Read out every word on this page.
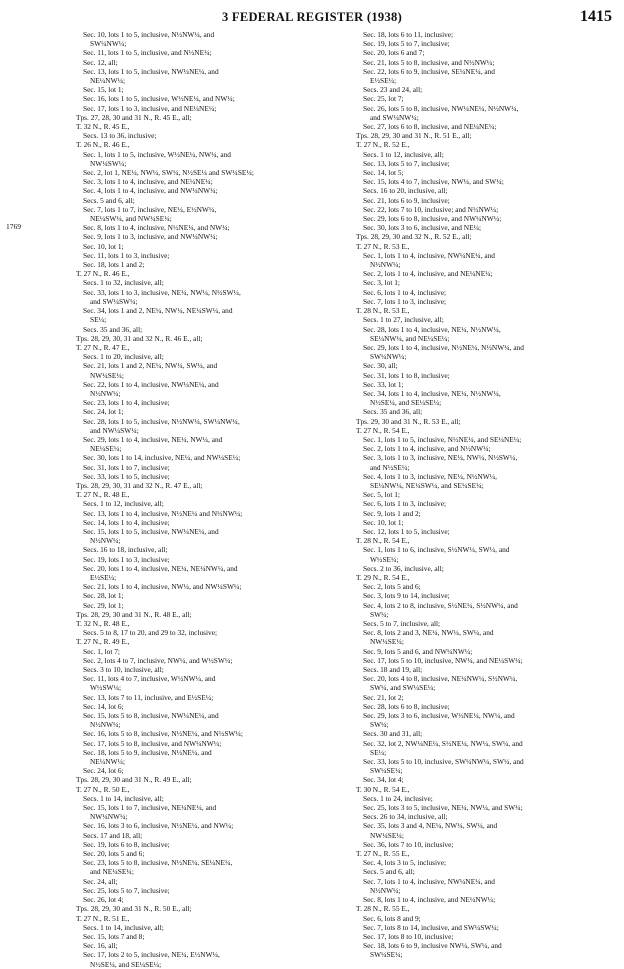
3 FEDERAL REGISTER (1938)	1415
1769
Sec. 10, lots 1 to 5, inclusive, N½NW¼, and
SW¼NW¼;
Sec. 11, lots 1 to 5, inclusive, and N½NE¼;
Sec. 12, all;
Sec. 13, lots 1 to 5, inclusive, NW¼NE¼, and
NE¼NW¼;
Sec. 15, lot 1;
Sec. 16, lots 1 to 5, inclusive, W½NE¼, and NW¼;
Sec. 17, lots 1 to 3, inclusive, and NE¼NE¼;
Tps. 27, 28, 30 and 31 N., R. 45 E., all;
T. 32 N., R. 45 E.,
Secs. 13 to 36, inclusive;
T. 26 N., R. 46 E.,
Sec. 1, lots 1 to 5, inclusive, W½NE¼, NW¼, and
NW¼SW¼;
Sec. 2, lot 1, NE¼, NW¼, SW¼, N½SE¼ and SW¼SE¼;
Sec. 3, lots 1 to 4, inclusive, and NE¼NE¼;
Sec. 4, lots 1 to 4, inclusive, and NW¼NW¼;
Secs. 5 and 6, all;
Sec. 7, lots 1 to 7, inclusive, NE¼, E½NW¼,
NE¼SW¼, and NW¼SE¼;
Sec. 8, lots 1 to 4, inclusive, N½NE¼, and NW¼;
Sec. 9, lots 1 to 3, inclusive, and NW¼NW¼;
Sec. 10, lot 1;
Sec. 11, lots 1 to 3, inclusive;
Sec. 18, lots 1 and 2;
T. 27 N., R. 46 E.,
Secs. 1 to 32, inclusive, all;
Sec. 33, lots 1 to 3, inclusive, NE¼, NW¼, N½SW¼,
and SW¼SW¼;
Sec. 34, lots 1 and 2, NE¼, NW¼, NE¼SW¼, and
SE¼;
Secs. 35 and 36, all;
Tps. 28, 29, 30, 31 and 32 N., R. 46 E., all;
T. 27 N., R. 47 E.,
Secs. 1 to 20, inclusive, all;
Sec. 21, lots 1 and 2, NE¼, NW¼, SW¼, and
NW¼SE¼;
Sec. 22, lots 1 to 4, inclusive, NW¼NE¼, and
N½NW¼;
Sec. 23, lots 1 to 4, inclusive;
Sec. 24, lot 1;
Sec. 28, lots 1 to 5, inclusive, N½NW¼, SW¼NW¼,
and NW¼SW¼;
Sec. 29, lots 1 to 4, inclusive, NE¼, NW¼, and
NE¼SE¼;
Sec. 30, lots 1 to 14, inclusive, NE¼, and NW¼SE¼;
Sec. 31, lots 1 to 7, inclusive;
Sec. 33, lots 1 to 5, inclusive;
Tps. 28, 29, 30, 31 and 32 N., R. 47 E., all;
T. 27 N., R. 48 E.,
Secs. 1 to 12, inclusive, all;
Sec. 13, lots 1 to 4, inclusive, N½NE¼ and N½NW¼;
Sec. 14, lots 1 to 4, inclusive;
Sec. 15, lots 1 to 5, inclusive, NW¼NE¼, and
N½NW¼;
Secs. 16 to 18, inclusive, all;
Sec. 19, lots 1 to 3, inclusive;
Sec. 20, lots 1 to 4, inclusive, NE¼, NE¼NW¼, and
E½SE¼;
Sec. 21, lots 1 to 4, inclusive, NW¼, and NW¼SW¼;
Sec. 28, lot 1;
Sec. 29, lot 1;
Tps. 28, 29, 30 and 31 N., R. 48 E., all;
T. 32 N., R. 48 E.,
Secs. 5 to 8, 17 to 20, and 29 to 32, inclusive;
T. 27 N., R. 49 E.,
Sec. 1, lot 7;
Sec. 2, lots 4 to 7, inclusive, NW¼, and W½SW¼;
Secs. 3 to 10, inclusive, all;
Sec. 11, lots 4 to 7, inclusive, W½NW¼, and
W½SW¼;
Sec. 13, lots 7 to 11, inclusive, and E½SE¼;
Sec. 14, lot 6;
Sec. 15, lots 5 to 8, inclusive, NW¼NE¼, and
N½NW¼;
Sec. 16, lots 5 to 8, inclusive, N½NE¼, and N½SW¼;
Sec. 17, lots 5 to 8, inclusive, and NW¼NW¼;
Sec. 18, lots 5 to 9, inclusive, N½NE¼, and
NE¼NW¼;
Sec. 24, lot 6;
Tps. 28, 29, 30 and 31 N., R. 49 E., all;
T. 27 N., R. 50 E.,
Secs. 1 to 14, inclusive, all;
Sec. 15, lots 1 to 7, inclusive, NE¼NE¼, and
NW¼NW¼;
Sec. 16, lots 3 to 6, inclusive, N½NE¼, and NW¼;
Secs. 17 and 18, all;
Sec. 19, lots 6 to 8, inclusive;
Sec. 20, lots 5 and 6;
Sec. 23, lots 5 to 8, inclusive, N½NE¼, SE¼NE¼,
and NE¼SE¼;
Sec. 24, all;
Sec. 25, lots 5 to 7, inclusive;
Sec. 26, lot 4;
Tps. 28, 29, 30 and 31 N., R. 50 E., all;
T. 27 N., R. 51 E.,
Secs. 1 to 14, inclusive, all;
Sec. 15, lots 7 and 8;
Sec. 16, all;
Sec. 17, lots 2 to 5, inclusive, NE¼, E½NW¼,
N½SE¼, and SE¼SE¼;
Sec. 18, lots 6 to 11, inclusive;
Sec. 19, lots 5 to 7, inclusive;
Sec. 20, lots 6 and 7;
Sec. 21, lots 5 to 8, inclusive, and N½NW¼;
Sec. 22, lots 6 to 9, inclusive, SE¼NE¼, and
E½SE¼;
Secs. 23 and 24, all;
Sec. 25, lot 7;
Sec. 26, lots 5 to 8, inclusive, NW¼NE¼, N½NW¼,
and SW¼NW¼;
Sec. 27, lots 6 to 8, inclusive, and NE¼NE¼;
Tps. 28, 29, 30 and 31 N., R. 51 E., all;
T. 27 N., R. 52 E.,
Secs. 1 to 12, inclusive, all;
Sec. 13, lots 5 to 7, inclusive;
Sec. 14, lot 5;
Sec. 15, lots 4 to 7, inclusive, NW¼, and SW¼;
Secs. 16 to 20, inclusive, all;
Sec. 21, lots 6 to 9, inclusive;
Sec. 22, lots 7 to 10, inclusive; and N½NW¼;
Sec. 29, lots 6 to 8, inclusive, and NW¼NW¼;
Sec. 30, lots 3 to 6, inclusive, and NE¼;
Tps. 28, 29, 30 and 32 N., R. 52 E., all;
T. 27 N., R. 53 E.,
Sec. 1, lots 1 to 4, inclusive, NW¼NE¼, and
N½NW¼;
Sec. 2, lots 1 to 4, inclusive, and NE¼NE¼;
Sec. 3, lot 1;
Sec. 6, lots 1 to 4, inclusive;
Sec. 7, lots 1 to 3, inclusive;
T. 28 N., R. 53 E.,
Secs. 1 to 27, inclusive, all;
Sec. 28, lots 1 to 4, inclusive, NE¼, N½NW¼,
SE¼NW¼, and NE¼SE¼;
Sec. 29, lots 1 to 4, inclusive, N½NE¼, N½NW¼, and
SW¼NW¼;
Sec. 30, all;
Sec. 31, lots 1 to 8, inclusive;
Sec. 33, lot 1;
Sec. 34, lots 1 to 4, inclusive, NE¼, N½NW¼,
N½SE¼, and SE¼SE¼;
Secs. 35 and 36, all;
Tps. 29, 30 and 31 N., R. 53 E., all;
T. 27 N., R. 54 E.,
Sec. 1, lots 1 to 5, inclusive, N½NE¼, and SE¼NE¼;
Sec. 2, lots 1 to 4, inclusive, and N½NW¼;
Sec. 3, lots 1 to 3, inclusive, NE¼, NW¼, N½SW¼,
and N½SE¼;
Sec. 4, lots 1 to 3, inclusive, NE¼, N½NW¼,
SE¼NW¼, NE¼SW¼, and SE¼SE¼;
Sec. 5, lot 1;
Sec. 6, lots 1 to 3, inclusive;
Sec. 9, lots 1 and 2;
Sec. 10, lot 1;
Sec. 12, lots 1 to 5, inclusive;
T. 28 N., R. 54 E.,
Sec. 1, lots 1 to 6, inclusive, S½NW¼, SW¼, and
W½SE¼;
Secs. 2 to 36, inclusive, all;
T. 29 N., R. 54 E.,
Sec. 2, lots 5 and 6;
Sec. 3, lots 9 to 14, inclusive;
Sec. 4, lots 2 to 8, inclusive, S½NE¼, S½NW¼, and
SW¼;
Secs. 5 to 7, inclusive, all;
Sec. 8, lots 2 and 3, NE¼, NW¼, SW¼, and
NW¼SE¼;
Sec. 9, lots 5 and 6, and NW¼NW¼;
Sec. 17, lots 5 to 10, inclusive, NW¼, and NE¼SW¼;
Secs. 18 and 19, all;
Sec. 20, lots 4 to 8, inclusive, NE¼NW¼, S½NW¼,
SW¼, and SW¼SE¼;
Sec. 21, lot 2;
Sec. 28, lots 6 to 8, inclusive;
Sec. 29, lots 3 to 6, inclusive, W½NE¼, NW¼, and
SW¼;
Secs. 30 and 31, all;
Sec. 32, lot 2, NW¼NE¼, S½NE¼, NW¼, SW¼, and
SE¼;
Sec. 33, lots 5 to 10, inclusive, SW¼NW¼, SW¼, and
SW¼SE¼;
Sec. 34, lot 4;
T. 30 N., R. 54 E.,
Secs. 1 to 24, inclusive;
Sec. 25, lots 3 to 5, inclusive, NE¼, NW¼, and SW¼;
Secs. 26 to 34, inclusive, all;
Sec. 35, lots 3 and 4, NE¼, NW¼, SW¼, and
NW¼SE¼;
Sec. 36, lots 7 to 10, inclusive;
T. 27 N., R. 55 E.,
Sec. 4, lots 3 to 5, inclusive;
Secs. 5 and 6, all;
Sec. 7, lots 1 to 4, inclusive, NW¼NE¼, and
N½NW¼;
Sec. 8, lots 1 to 4, inclusive, and NE¼NW¼;
T. 28 N., R. 55 E.,
Sec. 6, lots 8 and 9;
Sec. 7, lots 8 to 14, inclusive, and SW¼SW¼;
Sec. 17, lots 8 to 10, inclusive;
Sec. 18, lots 6 to 9, inclusive NW¼, SW¼, and
SW¼SE¼;
